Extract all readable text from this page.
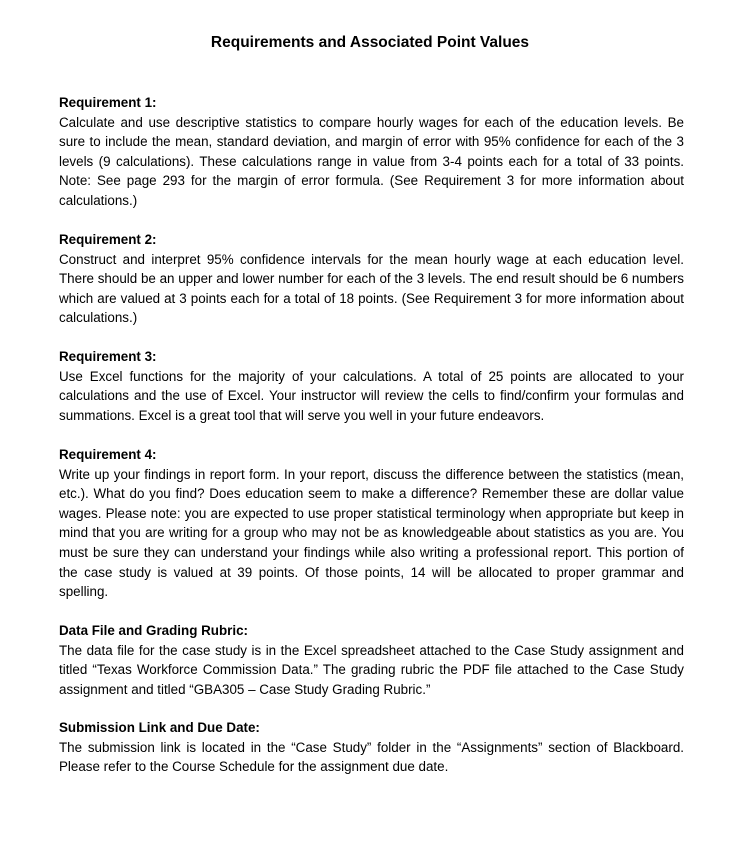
Requirements and Associated Point Values

Requirement 1:

Calculate and use descriptive statistics to compare hourly wages for each of the education levels. Be sure to include the mean, standard deviation, and margin of error with 95% confidence for each of the 3 levels (9 calculations). These calculations range in value from 3-4 points each for a total of 33 points. Note: See page 293 for the margin of error formula. (See Requirement 3 for more information about calculations.)

Requirement 2:

Construct and interpret 95% confidence intervals for the mean hourly wage at each education level. There should be an upper and lower number for each of the 3 levels. The end result should be 6 numbers which are valued at 3 points each for a total of 18 points. (See Requirement 3 for more information about calculations.)

Requirement 3:

Use Excel functions for the majority of your calculations. A total of 25 points are allocated to your calculations and the use of Excel. Your instructor will review the cells to find/confirm your formulas and summations. Excel is a great tool that will serve you well in your future endeavors.

Requirement 4:

Write up your findings in report form. In your report, discuss the difference between the statistics (mean, etc.). What do you find? Does education seem to make a difference? Remember these are dollar value wages. Please note: you are expected to use proper statistical terminology when appropriate but keep in mind that you are writing for a group who may not be as knowledgeable about statistics as you are. You must be sure they can understand your findings while also writing a professional report. This portion of the case study is valued at 39 points. Of those points, 14 will be allocated to proper grammar and spelling.

Data File and Grading Rubric:

The data file for the case study is in the Excel spreadsheet attached to the Case Study assignment and titled “Texas Workforce Commission Data.” The grading rubric the PDF file attached to the Case Study assignment and titled “GBA305 – Case Study Grading Rubric.”

Submission Link and Due Date:

The submission link is located in the “Case Study” folder in the “Assignments” section of Blackboard. Please refer to the Course Schedule for the assignment due date.
